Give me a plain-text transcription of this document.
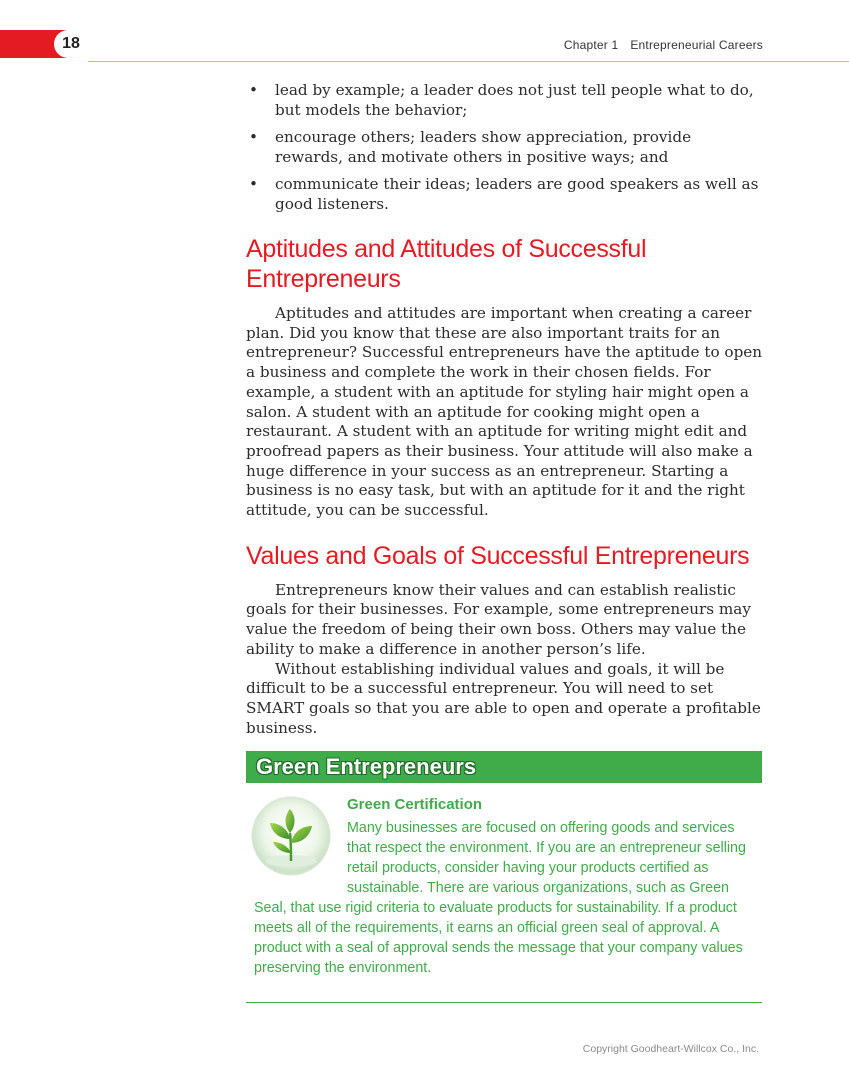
18	Chapter 1 Entrepreneurial Careers
• lead by example; a leader does not just tell people what to do, but models the behavior;
• encourage others; leaders show appreciation, provide rewards, and motivate others in positive ways; and
• communicate their ideas; leaders are good speakers as well as good listeners.
Aptitudes and Attitudes of Successful
Entrepreneurs

Aptitudes and attitudes are important when creating a career plan. Did you know that these are also important traits for an entrepreneur? Successful entrepreneurs have the aptitude to open a business and complete the work in their chosen fields. For example, a student with an aptitude for styling hair might open a salon. A student with an aptitude for cooking might open a restaurant. A student with an aptitude for writing might edit and proofread papers as their business. Your attitude will also make a huge difference in your success as an entrepreneur. Starting a business is no easy task, but with an aptitude for it and the right attitude, you can be successful.

Values and Goals of Successful Entrepreneurs

Entrepreneurs know their values and can establish realistic goals for their businesses. For example, some entrepreneurs may value the freedom of being their own boss. Others may value the ability to make a difference in another person’s life.

Without establishing individual values and goals, it will be difficult to be a successful entrepreneur. You will need to set SMART goals so that you are able to open and operate a profitable business.

Green Entrepreneurs
Green Certification
Many businesses are focused on offering goods and services that respect the environment. If you are an entrepreneur selling retail products, consider having your products certified as sustainable. There are various organizations, such as Green Seal, that use rigid criteria to evaluate products for sustainability. If a product meets all of the requirements, it earns an official green seal of approval. A product with a seal of approval sends the message that your company values preserving the environment.
Copyright Goodheart-Willcox Co., Inc.
